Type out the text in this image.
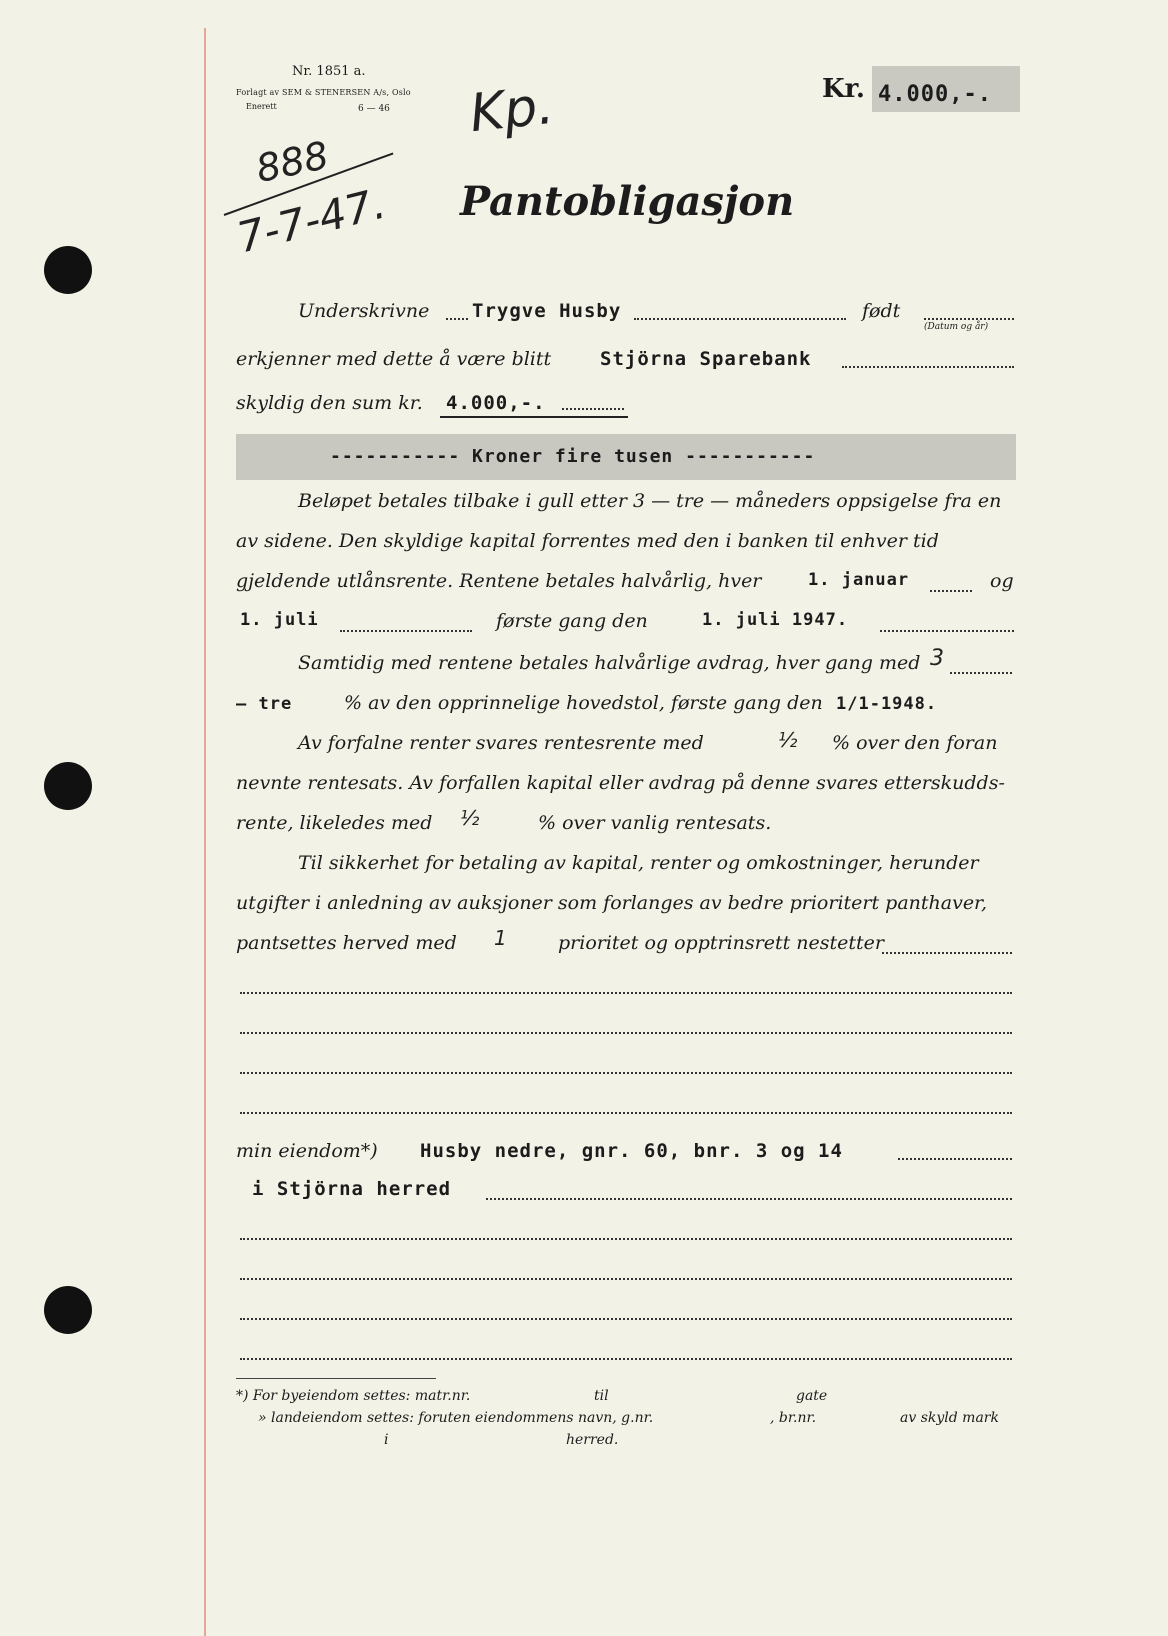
Nr. 1851 a.
Forlagt av SEM & STENERSEN A/s, Oslo
Enerett	6 — 46
Kr. 4.000,-.
888
7-7-47.
Kp.
Pantobligasjon
Underskrivne Trygve Husby	født
(Datum og år)
erkjenner med dette å være blitt	Stjörna Sparebank
skyldig den sum kr. 4.000,-.
----------- Kroner fire tusen -----------
Beløpet betales tilbake i gull etter 3 — tre — måneders oppsigelse fra en
av sidene. Den skyldige kapital forrentes med den i banken til enhver tid
gjeldende utlånsrente. Rentene betales halvårlig, hver	1. januar	og
1. juli	første gang den	1. juli 1947.
Samtidig med rentene betales halvårlige avdrag, hver gang med 3
— tre	% av den opprinnelige hovedstol, første gang den 1/1-1948.
Av forfalne renter svares rentesrente med	½ % over den foran
nevnte rentesats. Av forfallen kapital eller avdrag på denne svares etterskudds-
rente, likeledes med ½	% over vanlig rentesats.
Til sikkerhet for betaling av kapital, renter og omkostninger, herunder
utgifter i anledning av auksjoner som forlanges av bedre prioritert panthaver,
pantsettes herved med 1	prioritet og opptrinsrett nestetter
min eiendom*) Husby nedre, gnr. 60, bnr. 3 og 14
i Stjörna herred
*) For byeiendom settes: matr.nr.	til	gate
» landeiendom settes: foruten eiendommens navn, g.nr.	, br.nr.	av skyld mark
i	herred.
